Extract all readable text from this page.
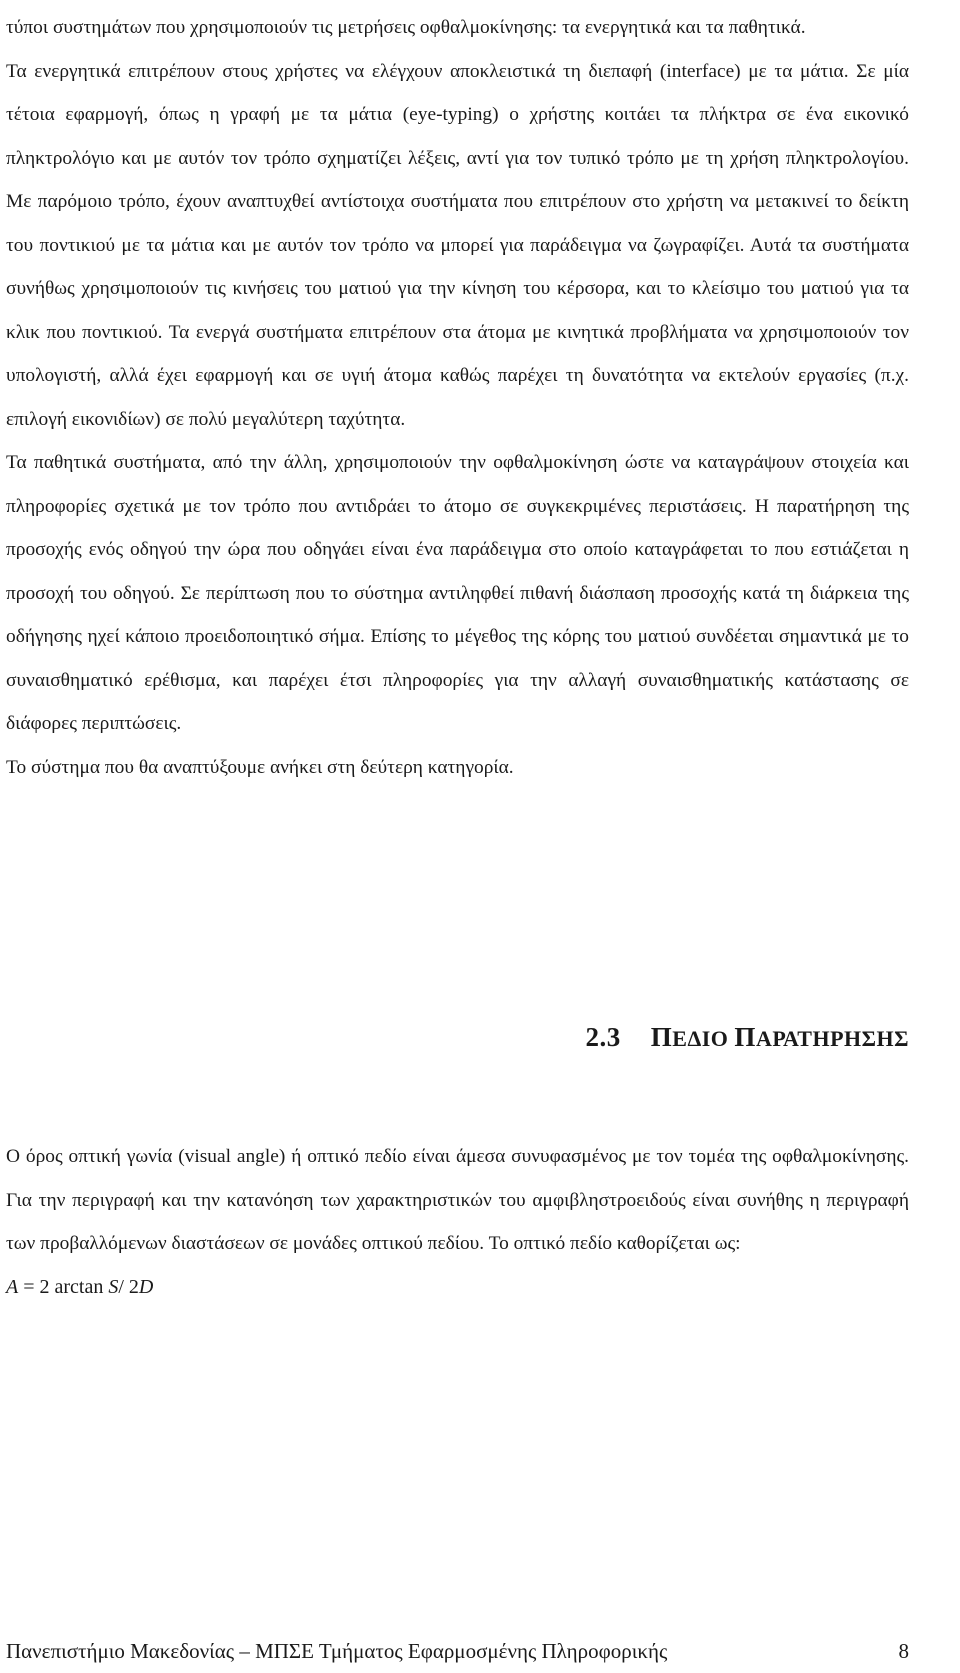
τύποι συστημάτων που χρησιμοποιούν τις μετρήσεις οφθαλμοκίνησης: τα ενεργητικά και τα παθητικά.

Τα ενεργητικά επιτρέπουν στους χρήστες να ελέγχουν αποκλειστικά τη διεπαφή (interface) με τα μάτια. Σε μία τέτοια εφαρμογή, όπως η γραφή με τα μάτια (eye-typing) ο χρήστης κοιτάει τα πλήκτρα σε ένα εικονικό πληκτρολόγιο και με αυτόν τον τρόπο σχηματίζει λέξεις, αντί για τον τυπικό τρόπο με τη χρήση πληκτρολογίου. Με παρόμοιο τρόπο, έχουν αναπτυχθεί αντίστοιχα συστήματα που επιτρέπουν στο χρήστη να μετακινεί το δείκτη του ποντικιού με τα μάτια και με αυτόν τον τρόπο να μπορεί για παράδειγμα να ζωγραφίζει. Αυτά τα συστήματα συνήθως χρησιμοποιούν τις κινήσεις του ματιού για την κίνηση του κέρσορα, και το κλείσιμο του ματιού για τα κλικ που ποντικιού. Τα ενεργά συστήματα επιτρέπουν στα άτομα με κινητικά προβλήματα να χρησιμοποιούν τον υπολογιστή, αλλά έχει εφαρμογή και σε υγιή άτομα καθώς παρέχει τη δυνατότητα να εκτελούν εργασίες (π.χ. επιλογή εικονιδίων) σε πολύ μεγαλύτερη ταχύτητα.

Τα παθητικά συστήματα, από την άλλη, χρησιμοποιούν την οφθαλμοκίνηση ώστε να καταγράψουν στοιχεία και πληροφορίες σχετικά με τον τρόπο που αντιδράει το άτομο σε συγκεκριμένες περιστάσεις. Η παρατήρηση της προσοχής ενός οδηγού την ώρα που οδηγάει είναι ένα παράδειγμα στο οποίο καταγράφεται το που εστιάζεται η προσοχή του οδηγού. Σε περίπτωση που το σύστημα αντιληφθεί πιθανή διάσπαση προσοχής κατά τη διάρκεια της οδήγησης ηχεί κάποιο προειδοποιητικό σήμα. Επίσης το μέγεθος της κόρης του ματιού συνδέεται σημαντικά με το συναισθηματικό ερέθισμα, και παρέχει έτσι πληροφορίες για την αλλαγή συναισθηματικής κατάστασης σε διάφορες περιπτώσεις.

Το σύστημα που θα αναπτύξουμε ανήκει στη δεύτερη κατηγορία.

2.3 ΠΕΔΙΟ ΠΑΡΑΤΗΡΗΣΗΣ

Ο όρος οπτική γωνία (visual angle) ή οπτικό πεδίο είναι άμεσα συνυφασμένος με τον τομέα της οφθαλμοκίνησης. Για την περιγραφή και την κατανόηση των χαρακτηριστικών του αμφιβληστροειδούς είναι συνήθης η περιγραφή των προβαλλόμενων διαστάσεων σε μονάδες οπτικού πεδίου. Το οπτικό πεδίο καθορίζεται ως:

A = 2 arctan S/ 2D

Πανεπιστήμιο Μακεδονίας – ΜΠΣΕ Τμήματος Εφαρμοσμένης Πληροφορικής	8
